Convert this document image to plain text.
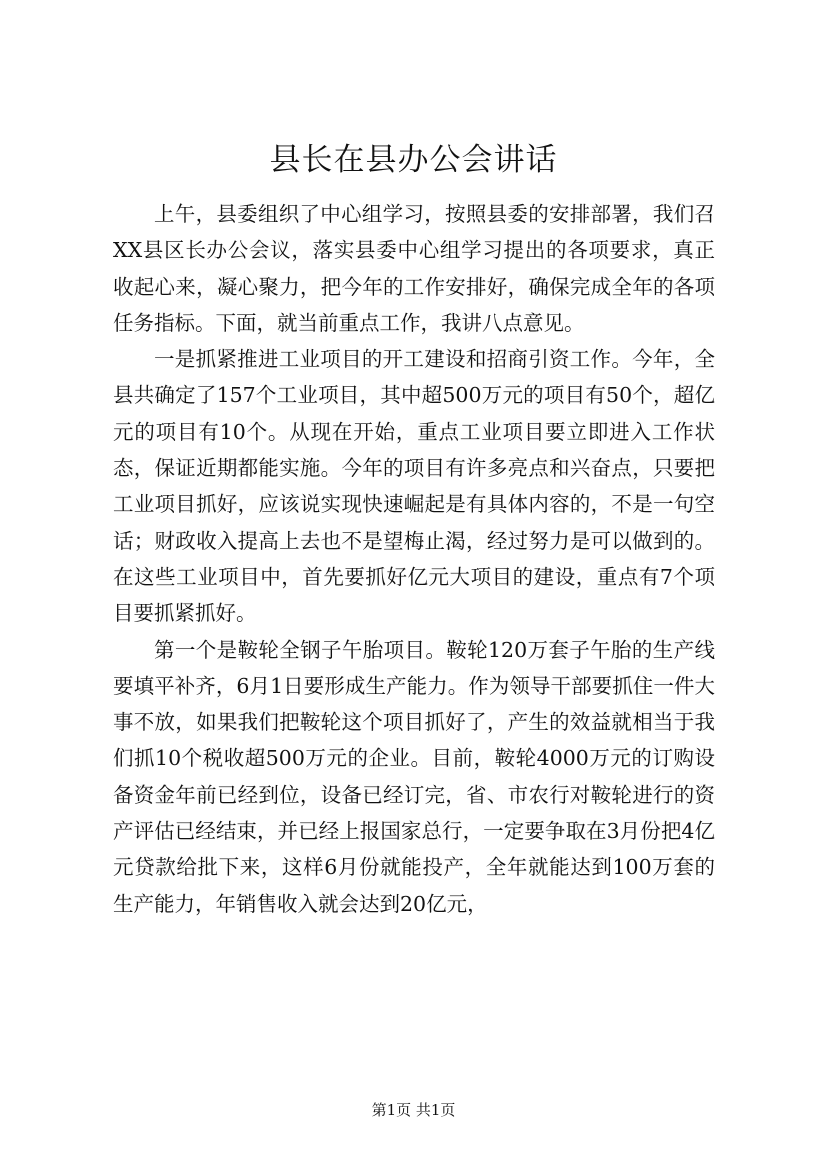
县长在县办公会讲话

上午，县委组织了中心组学习，按照县委的安排部署，我们召XX县区长办公会议，落实县委中心组学习提出的各项要求，真正收起心来，凝心聚力，把今年的工作安排好，确保完成全年的各项任务指标。下面，就当前重点工作，我讲八点意见。

一是抓紧推进工业项目的开工建设和招商引资工作。今年，全县共确定了157个工业项目，其中超500万元的项目有50个，超亿元的项目有10个。从现在开始，重点工业项目要立即进入工作状态，保证近期都能实施。今年的项目有许多亮点和兴奋点，只要把工业项目抓好，应该说实现快速崛起是有具体内容的，不是一句空话；财政收入提高上去也不是望梅止渴，经过努力是可以做到的。在这些工业项目中，首先要抓好亿元大项目的建设，重点有7个项目要抓紧抓好。

第一个是鞍轮全钢子午胎项目。鞍轮120万套子午胎的生产线要填平补齐，6月1日要形成生产能力。作为领导干部要抓住一件大事不放，如果我们把鞍轮这个项目抓好了，产生的效益就相当于我们抓10个税收超500万元的企业。目前，鞍轮4000万元的订购设备资金年前已经到位，设备已经订完，省、市农行对鞍轮进行的资产评估已经结束，并已经上报国家总行，一定要争取在3月份把4亿元贷款给批下来，这样6月份就能投产，全年就能达到100万套的生产能力，年销售收入就会达到20亿元，

第1页 共1页
